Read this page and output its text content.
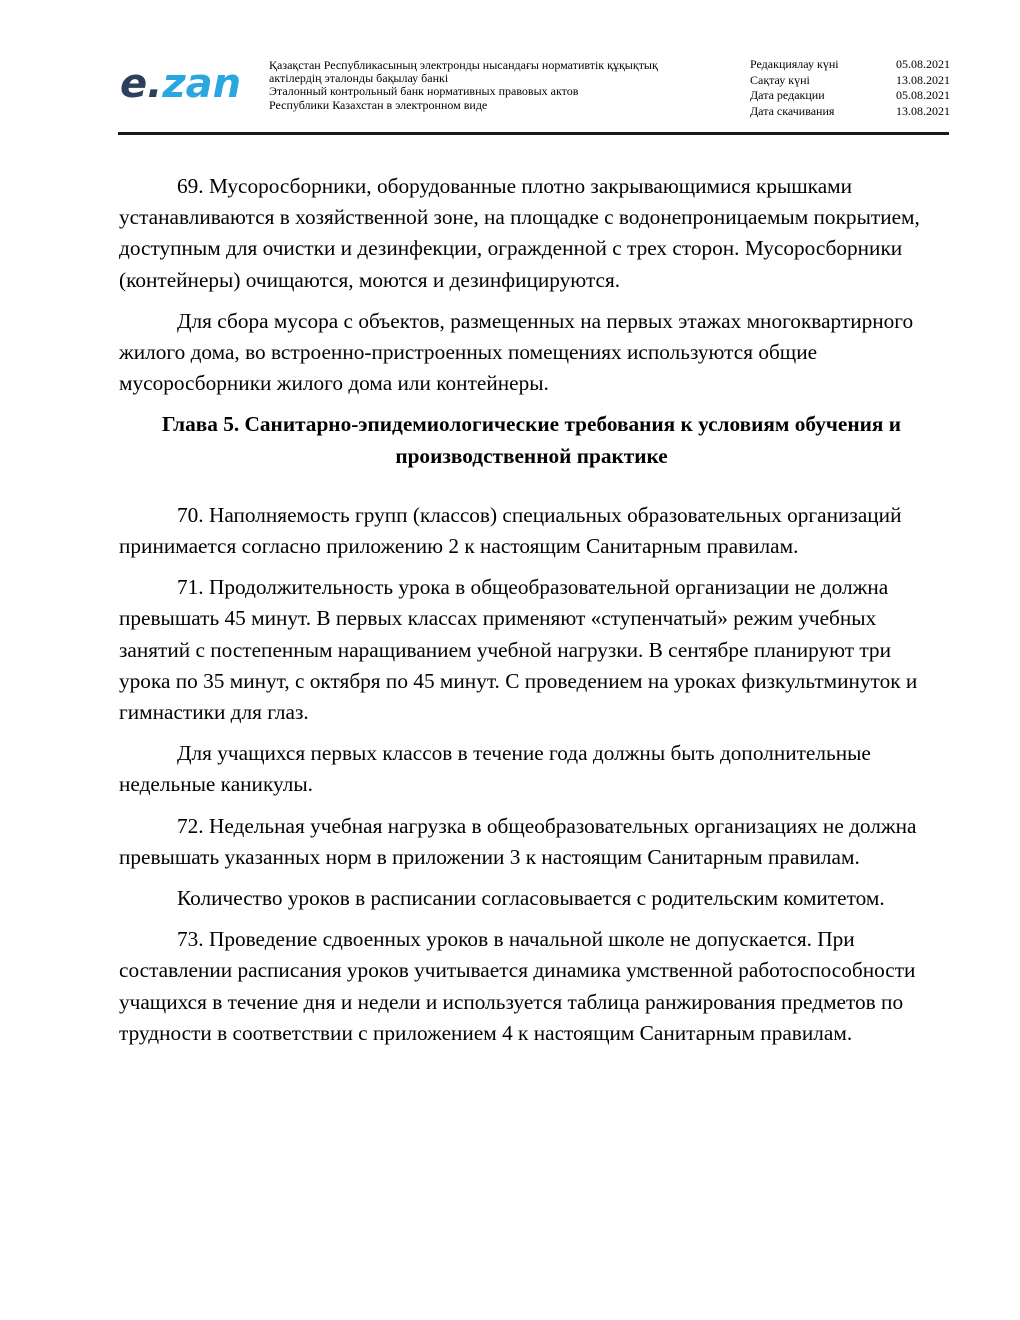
e.zan Қазақстан Республикасының электронды нысандағы нормативтік құқықтық
актілердің эталонды бақылау банкі
Эталонный контрольный банк нормативных правовых актов
Республики Казахстан в электронном виде
Редакциялау күні	05.08.2021
Сақтау күні	13.08.2021
Дата редакции	05.08.2021
Дата скачивания	13.08.2021

69. Мусоросборники, оборудованные плотно закрывающимися крышками устанавливаются в хозяйственной зоне, на площадке с водонепроницаемым покрытием, доступным для очистки и дезинфекции, огражденной с трех сторон. Мусоросборники (контейнеры) очищаются, моются и дезинфицируются.

Для сбора мусора с объектов, размещенных на первых этажах многоквартирного жилого дома, во встроенно-пристроенных помещениях используются общие мусоросборники жилого дома или контейнеры.

Глава 5. Санитарно-эпидемиологические требования к условиям обучения и производственной практике

70. Наполняемость групп (классов) специальных образовательных организаций принимается согласно приложению 2 к настоящим Санитарным правилам.

71. Продолжительность урока в общеобразовательной организации не должна превышать 45 минут. В первых классах применяют «ступенчатый» режим учебных занятий с постепенным наращиванием учебной нагрузки. В сентябре планируют три урока по 35 минут, с октября по 45 минут. С проведением на уроках физкультминуток и гимнастики для глаз.

Для учащихся первых классов в течение года должны быть дополнительные недельные каникулы.

72. Недельная учебная нагрузка в общеобразовательных организациях не должна превышать указанных норм в приложении 3 к настоящим Санитарным правилам.

Количество уроков в расписании согласовывается с родительским комитетом.

73. Проведение сдвоенных уроков в начальной школе не допускается. При составлении расписания уроков учитывается динамика умственной работоспособности учащихся в течение дня и недели и используется таблица ранжирования предметов по трудности в соответствии с приложением 4 к настоящим Санитарным правилам.
